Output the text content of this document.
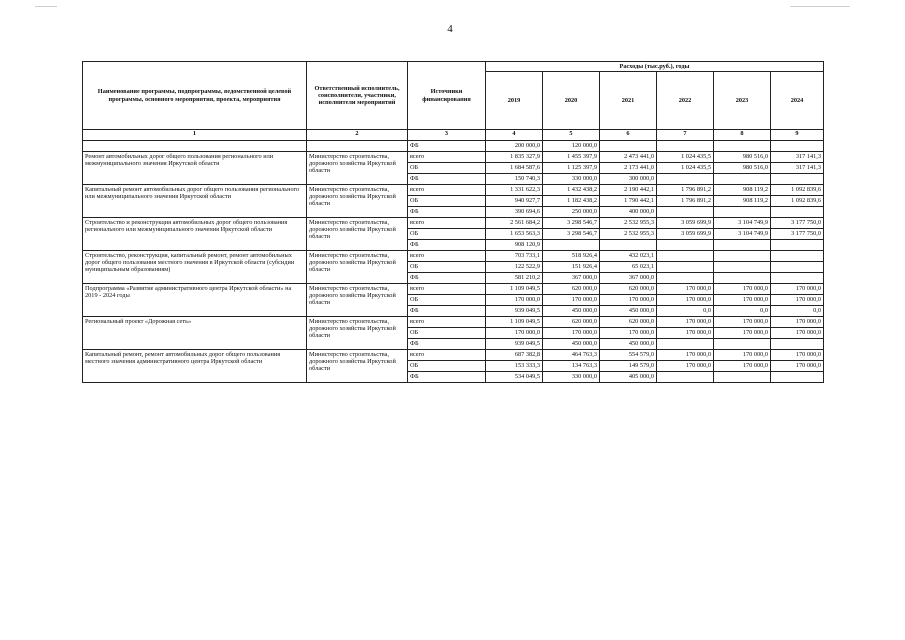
4
Наименование программы, подпрограммы, ведомственной целевой программы, основного мероприятия, проекта, мероприятия	Ответственный исполнитель, соисполнители, участники, исполнители мероприятий	Источники финансирования	Расходы (тыс.руб.), годы					
			2019	2020	2021	2022	2023	2024
1	2	3	4	5	6	7	8	9
		ФБ	200 000,0	120 000,0				
Ремонт автомобильных дорог общего пользования регионального или межмуниципального значения Иркутской области	Министерство строительства, дорожного хозяйства Иркутской области	всего	1 835 327,9	1 455 397,9	2 473 441,0	1 024 435,5	980 516,0	317 141,3
		ОБ	1 684 587,6	1 125 397,9	2 173 441,0	1 024 435,5	980 516,0	317 141,3
		ФБ	150 740,3	330 000,0	300 000,0			
Капитальный ремонт автомобильных дорог общего пользования регионального или межмуниципального значения Иркутской области	Министерство строительства, дорожного хозяйства Иркутской области	всего	1 331 622,3	1 432 438,2	2 190 442,1	1 796 891,2	908 119,2	1 092 839,6
		ОБ	940 927,7	1 182 438,2	1 790 442,1	1 796 891,2	908 119,2	1 092 839,6
		ФБ	390 694,6	250 000,0	400 000,0			
Строительство и реконструкция автомобильных дорог общего пользования регионального или межмуниципального значения Иркутской области	Министерство строительства, дорожного хозяйства Иркутской области	всего	2 561 684,2	3 298 546,7	2 532 955,3	3 059 699,9	3 104 749,9	3 177 750,0
		ОБ	1 653 563,3	3 298 546,7	2 532 955,3	3 059 699,9	3 104 749,9	3 177 750,0
		ФБ	908 120,9					
Строительство, реконструкция, капитальный ремонт, ремонт автомобильных дорог общего пользования местного значения в Иркутской области (субсидии муниципальным образованиям)	Министерство строительства, дорожного хозяйства Иркутской области	всего	703 733,1	518 926,4	432 023,1			
		ОБ	122 522,9	151 926,4	65 023,1			
		ФБ	581 210,2	367 000,0	367 000,0			
Подпрограмма «Развитие административного центра Иркутской области» на 2019 - 2024 годы	Министерство строительства, дорожного хозяйства Иркутской области	всего	1 109 049,5	620 000,0	620 000,0	170 000,0	170 000,0	170 000,0
		ОБ	170 000,0	170 000,0	170 000,0	170 000,0	170 000,0	170 000,0
		ФБ	939 049,5	450 000,0	450 000,0	0,0	0,0	0,0
Региональный проект «Дорожная сеть»	Министерство строительства, дорожного хозяйства Иркутской области	всего	1 109 049,5	620 000,0	620 000,0	170 000,0	170 000,0	170 000,0
		ОБ	170 000,0	170 000,0	170 000,0	170 000,0	170 000,0	170 000,0
		ФБ	939 049,5	450 000,0	450 000,0			
Капитальный ремонт, ремонт автомобильных дорог общего пользования местного значения административного центра Иркутской области	Министерство строительства, дорожного хозяйства Иркутской области	всего	687 382,8	464 763,3	554 579,0	170 000,0	170 000,0	170 000,0
		ОБ	153 333,3	134 763,3	149 579,0	170 000,0	170 000,0	170 000,0
		ФБ	534 049,5	330 000,0	405 000,0			
